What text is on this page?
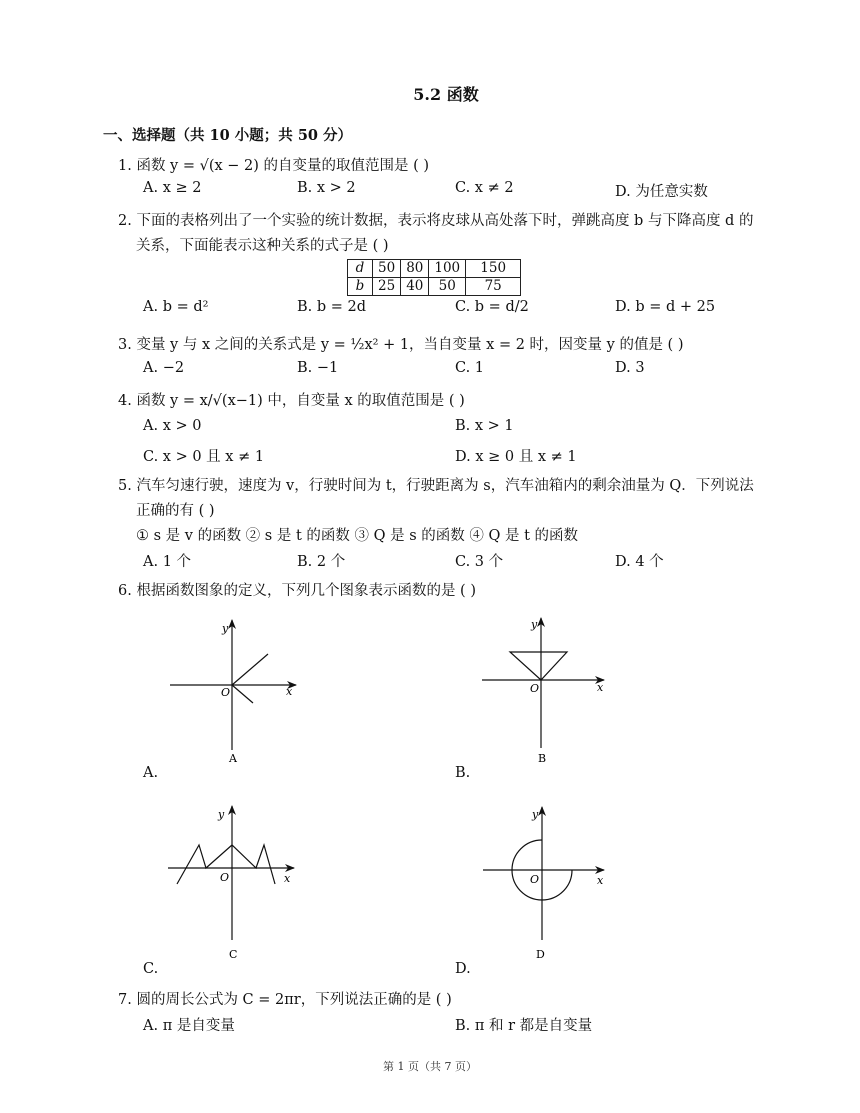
5.2 函数
一、选择题（共 10 小题；共 50 分）
1. 函数 y = √(x − 2) 的自变量的取值范围是 ( )
A. x ≥ 2	B. x > 2	C. x ≠ 2	D. 为任意实数
2. 下面的表格列出了一个实验的统计数据，表示将皮球从高处落下时，弹跳高度 b 与下降高度 d 的
关系，下面能表示这种关系的式子是 ( )
d	50	80	100	150
b	25	40	50	75
A. b = d²	B. b = 2d	C. b = d/2	D. b = d + 25
3. 变量 y 与 x 之间的关系式是 y = ½x² + 1，当自变量 x = 2 时，因变量 y 的值是 ( )
A. −2	B. −1	C. 1	D. 3
4. 函数 y = x/√(x−1) 中，自变量 x 的取值范围是 ( )
A. x > 0	B. x > 1
C. x > 0 且 x ≠ 1	D. x ≥ 0 且 x ≠ 1
5. 汽车匀速行驶，速度为 v，行驶时间为 t，行驶距离为 s，汽车油箱内的剩余油量为 Q．下列说法
正确的有 ( )
① s 是 v 的函数 ② s 是 t 的函数 ③ Q 是 s 的函数 ④ Q 是 t 的函数
A. 1 个	B. 2 个	C. 3 个	D. 4 个
6. 根据函数图象的定义，下列几个图象表示函数的是 ( )
y
x
O
A
y
x
O
B
y
x
O
C
y
x
O
D
A.	B.
C.	D.
7. 圆的周长公式为 C = 2πr，下列说法正确的是 ( )
A. π 是自变量	B. π 和 r 都是自变量
第 1 页（共 7 页）
